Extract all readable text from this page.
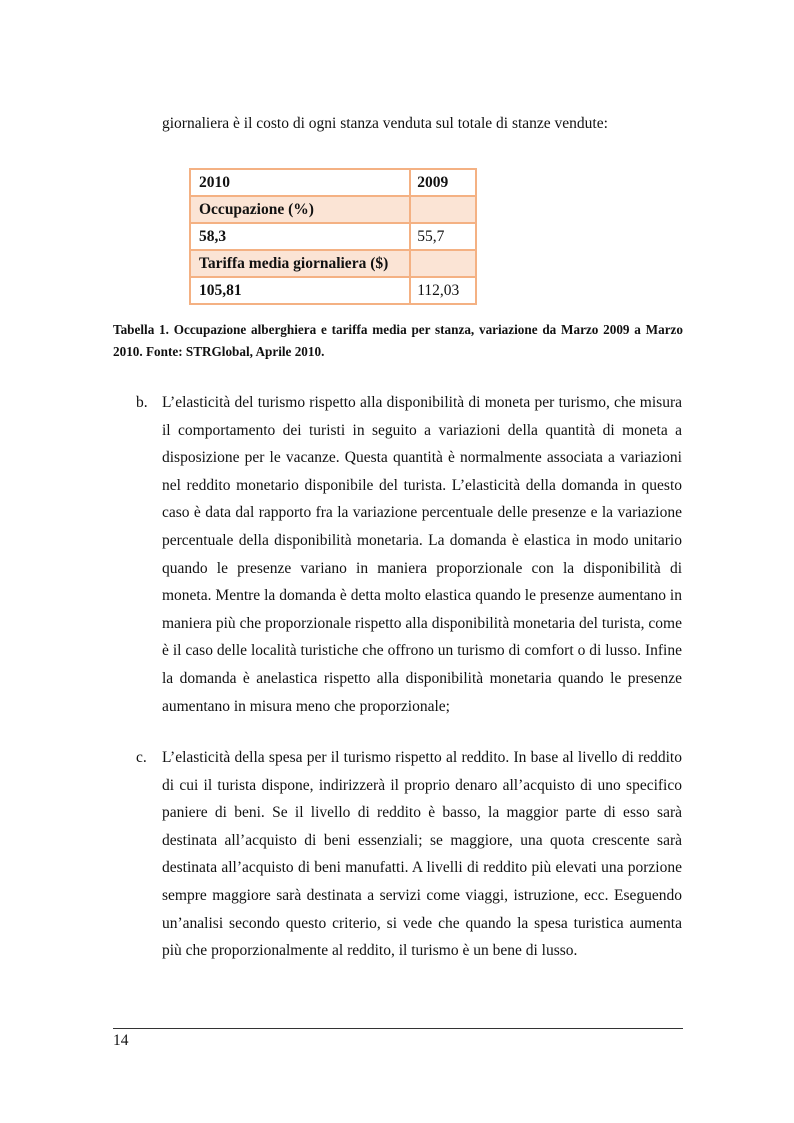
giornaliera è il costo di ogni stanza venduta sul totale di stanze vendute:
2010	2009
Occupazione (%)	
58,3	55,7
Tariffa media giornaliera ($)	
105,81	112,03
Tabella 1. Occupazione alberghiera e tariffa media per stanza, variazione da Marzo 2009 a Marzo 2010. Fonte: STRGlobal, Aprile 2010.
b. L’elasticità del turismo rispetto alla disponibilità di moneta per turismo, che misura il comportamento dei turisti in seguito a variazioni della quantità di moneta a disposizione per le vacanze. Questa quantità è normalmente associata a variazioni nel reddito monetario disponibile del turista. L’elasticità della domanda in questo caso è data dal rapporto fra la variazione percentuale delle presenze e la variazione percentuale della disponibilità monetaria. La domanda è elastica in modo unitario quando le presenze variano in maniera proporzionale con la disponibilità di moneta. Mentre la domanda è detta molto elastica quando le presenze aumentano in maniera più che proporzionale rispetto alla disponibilità monetaria del turista, come è il caso delle località turistiche che offrono un turismo di comfort o di lusso. Infine la domanda è anelastica rispetto alla disponibilità monetaria quando le presenze aumentano in misura meno che proporzionale;
c. L’elasticità della spesa per il turismo rispetto al reddito. In base al livello di reddito di cui il turista dispone, indirizzerà il proprio denaro all’acquisto di uno specifico paniere di beni. Se il livello di reddito è basso, la maggior parte di esso sarà destinata all’acquisto di beni essenziali; se maggiore, una quota crescente sarà destinata all’acquisto di beni manufatti. A livelli di reddito più elevati una porzione sempre maggiore sarà destinata a servizi come viaggi, istruzione, ecc. Eseguendo un’analisi secondo questo criterio, si vede che quando la spesa turistica aumenta più che proporzionalmente al reddito, il turismo è un bene di lusso.
14
